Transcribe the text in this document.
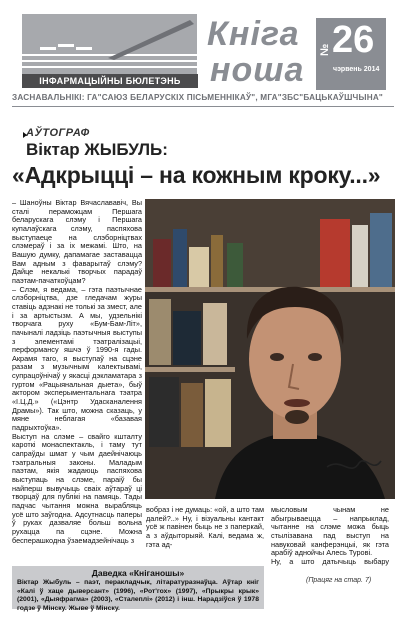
ІНФАРМАЦЫЙНЫ БЮЛЕТЭНЬ
Кніга
ноша
26
№
чэрвень 2014
ЗАСНАВАЛЬНІКІ: ГА"САЮЗ БЕЛАРУСКІХ ПІСЬМЕННІКАЎ", МГА"ЗБС"БАЦЬКАЎШЧЫНА"
АЎТОГРАФ
Віктар ЖЫБУЛЬ:
«Адкрыцці – на кожным кроку...»
– Шаноўны Віктар Вячаслававіч, Вы сталі пераможцам Першага беларускага слэму і Першага купалаўскага слэму, паспяхова выступаеце на слэборніцтвах слэмераў і за іх межамі. Што, на Вашую думку, дапамагае заставацца Вам адным з фаварытаў слэму? Дайце некалькі творчых парадаў паэтам-пачаткоўцам?
– Слэм, я ведама, – гэта паэтычнае слэборніцтва, дзе гледачам журы ставіць адзнакі не толькі за змест, але і за артыстызм. А мы, удзельнікі творчага руху «Бум-Бам-Літ», пачыналі ладзіць паэтычныя выступы з элементамі тэатралізацыі, перформансу яшчэ ў 1990-я гады. Акрамя таго, я выступаў на сцэне разам з музычнымі калектывамі, супрацоўнічаў у якасці дэкламатара з гуртом «Рацыянальная дыета», быў актором эксперыментальнага тэатра «І.Ц.Д.» («Цэнтр Удасканалення Драмы»). Так што, можна сказаць, у мяне неблагая «базавая падрыхтоўка».
Выступ на слэме – свайго кшталту кароткі монаспектакль, і таму тут сапраўды шмат у чым даейнічаюць тэатральныя законы. Маладым паэтам, якія жадаюць паспяхова выступаць на слэме, параіў бы найперш вывучыць сваіх аўтараў ці творцаў для публікі на памяць. Тады падчас чытання можна вырабляць усё што заўгодна. Адсутнасць паперы ў руках дазваляе больш вольна рухацца па сцэне. Можна бесперашкодна ўзаемадзейнічаць з
вобраз і не думаць: «ой, а што там далей?..» Ну, і візуальны кантакт усё ж павінен быць не з паперкай, а з аўдыторыяй. Калі, ведама ж, гэта ад-
мысловым чынам не абыгрываецца – напрыклад, чытанне на слэме можа быць стылізавана пад выступ на навуковай канферэнцыі, як гэта арабіў аднойчы Алесь Турові.
Ну, а што датычыць выбару
Даведка «Кніганошы»
Віктар Жыбуль – паэт, перакладчык, літаратуразнаўца. Аўтар кніг «Калі ў хаце дыверсант» (1996), «Рот'гох» (1997), «Прыкры крык» (2001), «Дыяфрагма» (2003), «Сталеплі» (2012) і інш. Нарадзіўся ў 1978 годзе ў Мінску. Жыве ў Мінску.
(Працяг на стар. 7)
